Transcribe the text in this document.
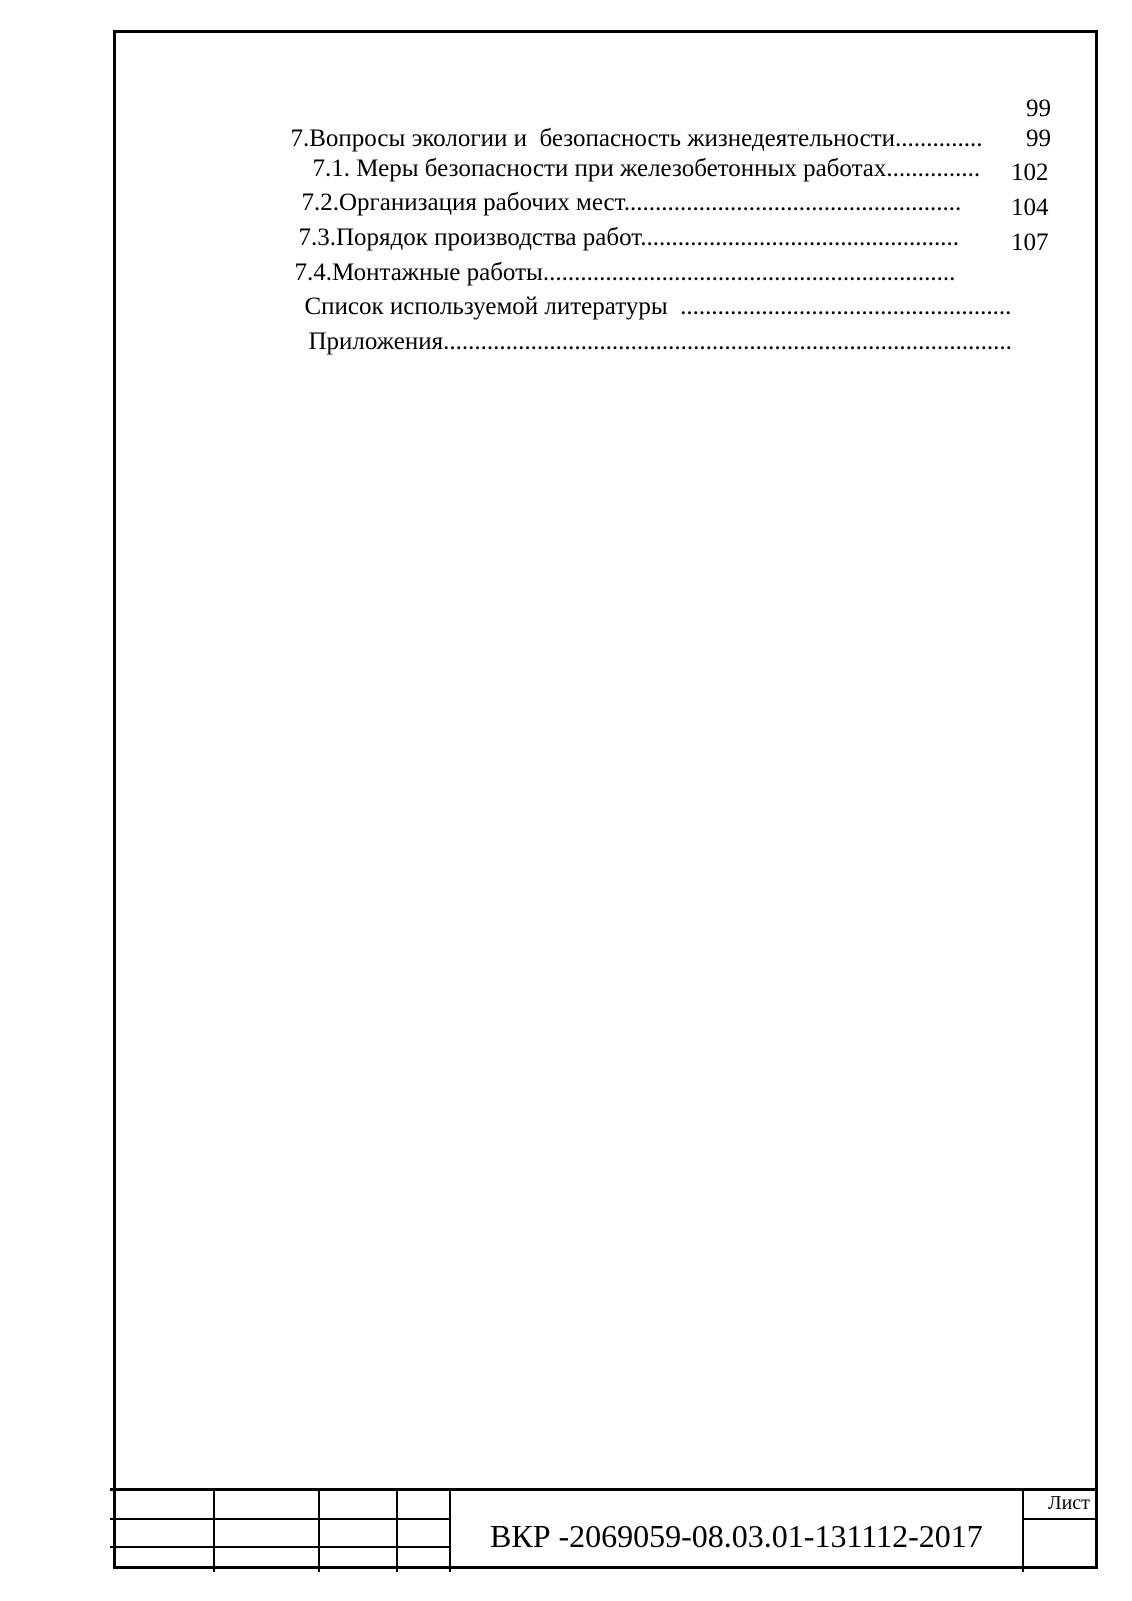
7.Вопросы экологии и  безопасность жизнедеятельности..............

99

7.1. Меры безопасности при железобетонных работах...............

99

7.2.Организация рабочих мест......................................................

102

7.3.Порядок производства работ...................................................

104

7.4.Монтажные работы..................................................................

107

Список используемой литературы  .....................................................

Приложения...........................................................................................

ВКР -2069059-08.03.01-131112-2017
Лист
